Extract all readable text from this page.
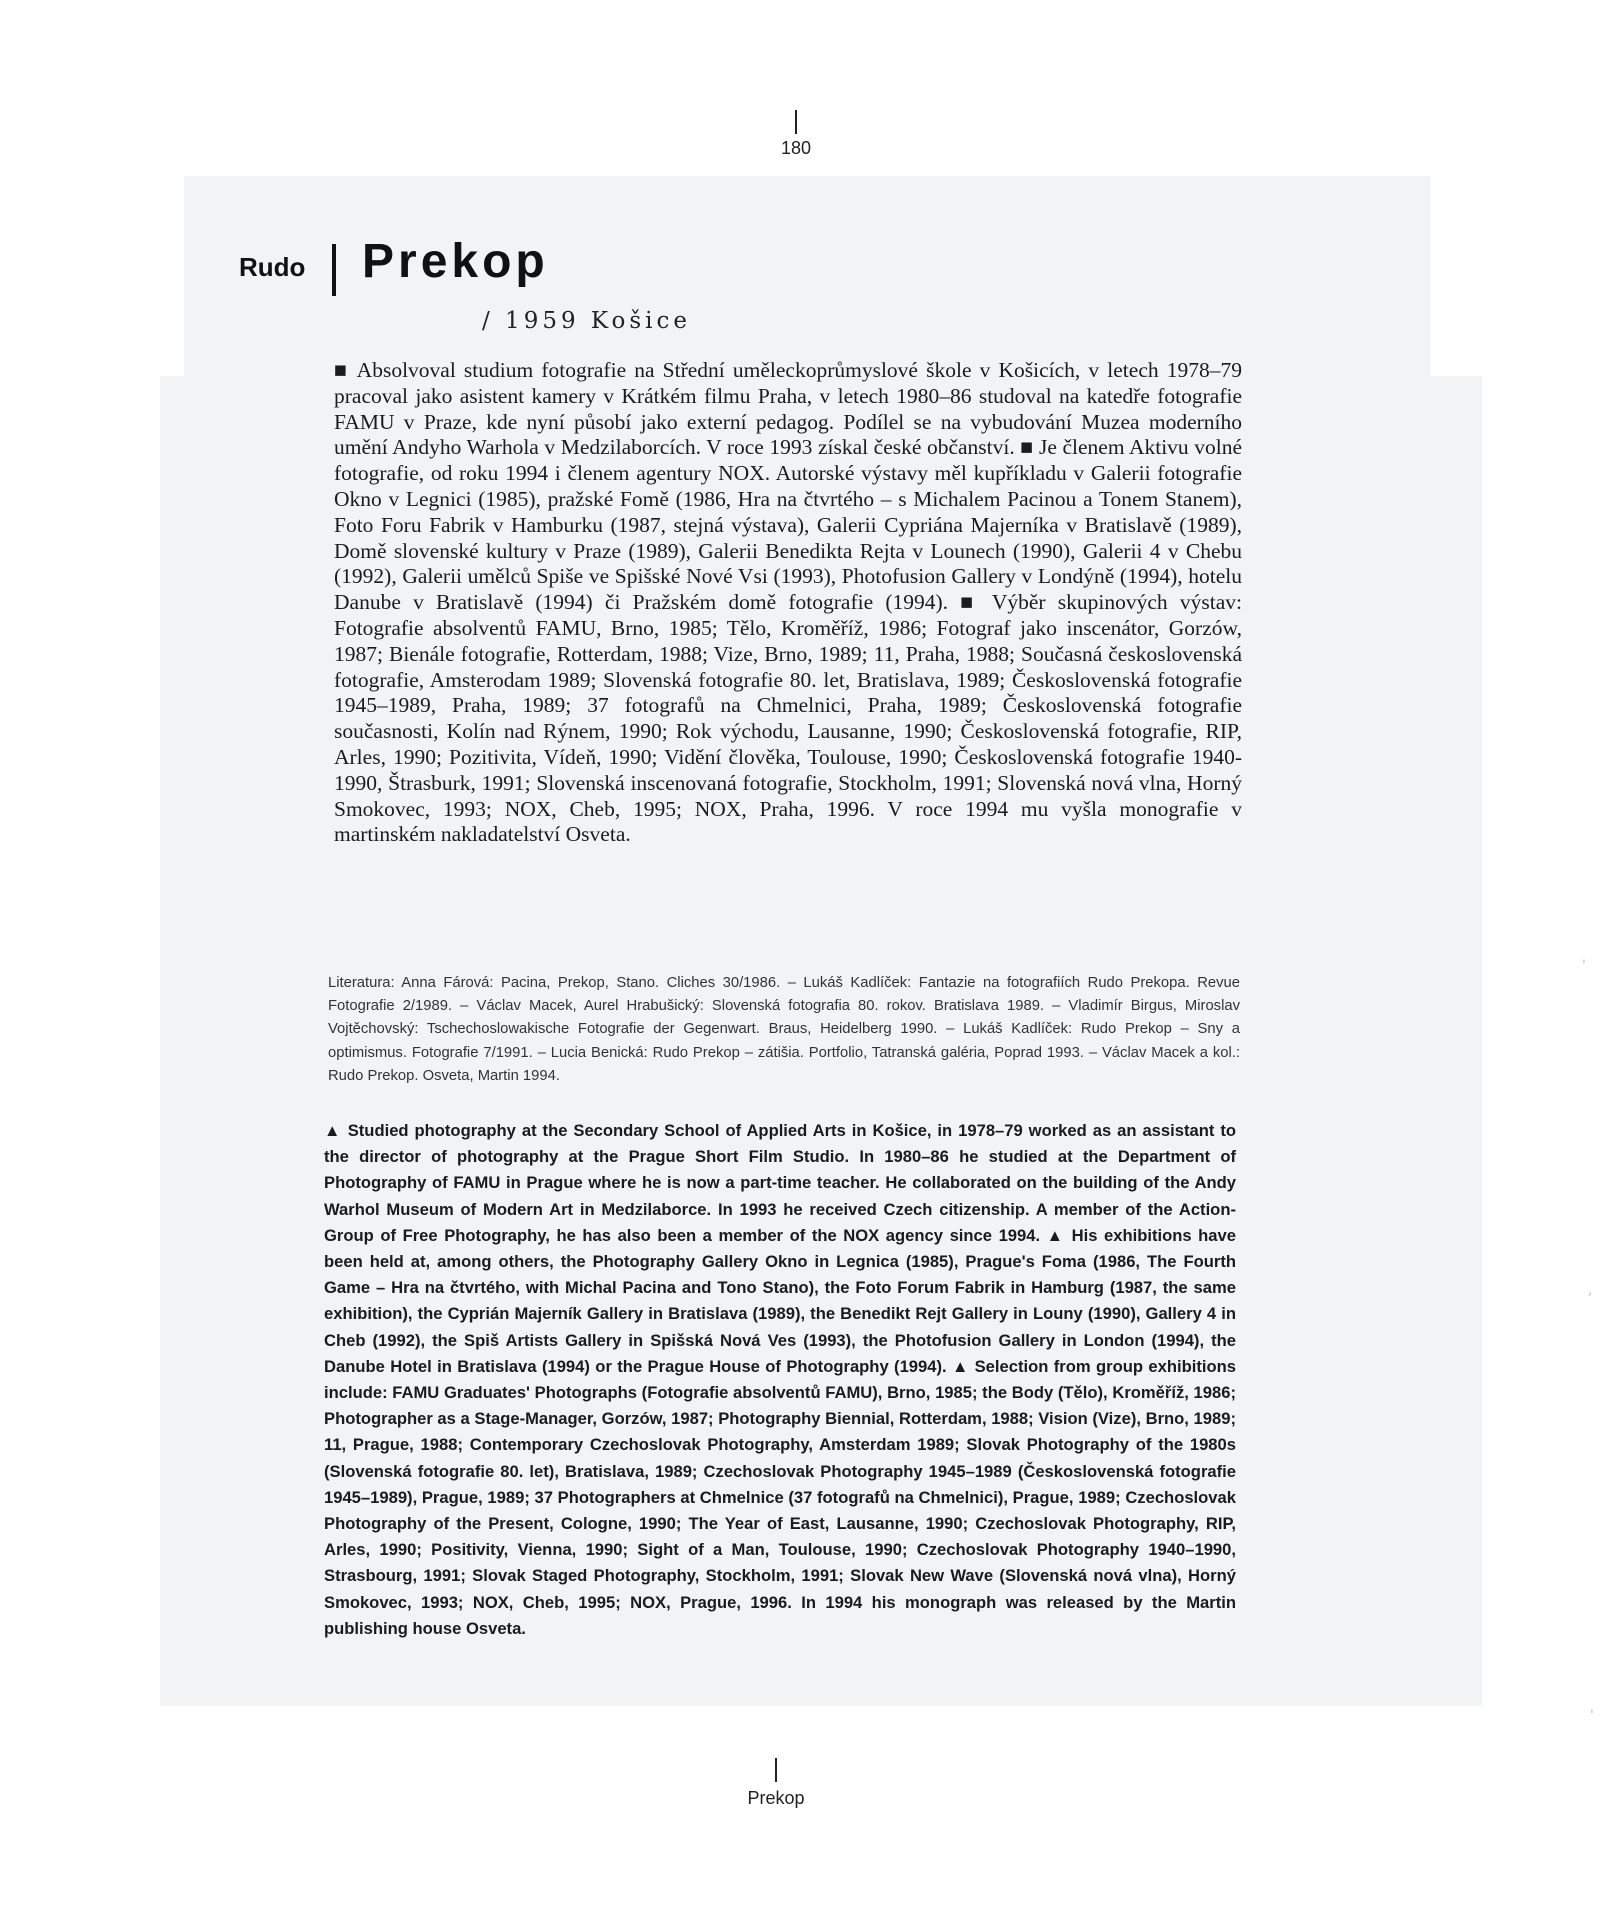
180
Rudo Prekop
/ 1959 Košice

■ Absolvoval studium fotografie na Střední uměleckoprůmyslové škole v Košicích, v letech 1978–79 pracoval jako asistent kamery v Krátkém filmu Praha, v letech 1980–86 studoval na katedře fotografie FAMU v Praze, kde nyní působí jako externí pedagog. Podílel se na vybudování Muzea moderního umění Andyho Warhola v Medzilaborcích. V roce 1993 získal české občanství. ■ Je členem Aktivu volné fotografie, od roku 1994 i členem agentury NOX. Autorské výstavy měl kupříkladu v Galerii fotografie Okno v Legnici (1985), pražské Fomě (1986, Hra na čtvrtého – s Michalem Pacinou a Tonem Stanem), Foto Foru Fabrik v Hamburku (1987, stejná výstava), Galerii Cypriána Majerníka v Bratislavě (1989), Domě slovenské kultury v Praze (1989), Galerii Benedikta Rejta v Lounech (1990), Galerii 4 v Chebu (1992), Galerii umělců Spiše ve Spišské Nové Vsi (1993), Photofusion Gallery v Londýně (1994), hotelu Danube v Bratislavě (1994) či Pražském domě fotografie (1994). ■ Výběr skupinových výstav: Fotografie absolventů FAMU, Brno, 1985; Tělo, Kroměříž, 1986; Fotograf jako inscenátor, Gorzów, 1987; Bienále fotografie, Rotterdam, 1988; Vize, Brno, 1989; 11, Praha, 1988; Současná československá fotografie, Amsterodam 1989; Slovenská fotografie 80. let, Bratislava, 1989; Československá fotografie 1945–1989, Praha, 1989; 37 fotografů na Chmelnici, Praha, 1989; Československá fotografie současnosti, Kolín nad Rýnem, 1990; Rok východu, Lausanne, 1990; Československá fotografie, RIP, Arles, 1990; Pozitivita, Vídeň, 1990; Vidění člověka, Toulouse, 1990; Československá fotografie 1940-1990, Štrasburk, 1991; Slovenská inscenovaná fotografie, Stockholm, 1991; Slovenská nová vlna, Horný Smokovec, 1993; NOX, Cheb, 1995; NOX, Praha, 1996. V roce 1994 mu vyšla monografie v martinském nakladatelství Osveta.

Literatura: Anna Fárová: Pacina, Prekop, Stano. Cliches 30/1986. – Lukáš Kadlíček: Fantazie na fotografiích Rudo Prekopa. Revue Fotografie 2/1989. – Václav Macek, Aurel Hrabušický: Slovenská fotografia 80. rokov. Bratislava 1989. – Vladimír Birgus, Miroslav Vojtěchovský: Tschechoslowakische Fotografie der Gegenwart. Braus, Heidelberg 1990. – Lukáš Kadlíček: Rudo Prekop – Sny a optimismus. Fotografie 7/1991. – Lucia Benická: Rudo Prekop – zátišia. Portfolio, Tatranská galéria, Poprad 1993. – Václav Macek a kol.: Rudo Prekop. Osveta, Martin 1994.

▲ Studied photography at the Secondary School of Applied Arts in Košice, in 1978–79 worked as an assistant to the director of photography at the Prague Short Film Studio. In 1980–86 he studied at the Department of Photography of FAMU in Prague where he is now a part-time teacher. He collaborated on the building of the Andy Warhol Museum of Modern Art in Medzilaborce. In 1993 he received Czech citizenship. A member of the Action-Group of Free Photography, he has also been a member of the NOX agency since 1994. ▲ His exhibitions have been held at, among others, the Photography Gallery Okno in Legnica (1985), Prague's Foma (1986, The Fourth Game – Hra na čtvrtého, with Michal Pacina and Tono Stano), the Foto Forum Fabrik in Hamburg (1987, the same exhibition), the Cyprián Majerník Gallery in Bratislava (1989), the Benedikt Rejt Gallery in Louny (1990), Gallery 4 in Cheb (1992), the Spiš Artists Gallery in Spišská Nová Ves (1993), the Photofusion Gallery in London (1994), the Danube Hotel in Bratislava (1994) or the Prague House of Photography (1994). ▲ Selection from group exhibitions include: FAMU Graduates' Photographs (Fotografie absolventů FAMU), Brno, 1985; the Body (Tělo), Kroměříž, 1986; Photographer as a Stage-Manager, Gorzów, 1987; Photography Biennial, Rotterdam, 1988; Vision (Vize), Brno, 1989; 11, Prague, 1988; Contemporary Czechoslovak Photography, Amsterdam 1989; Slovak Photography of the 1980s (Slovenská fotografie 80. let), Bratislava, 1989; Czechoslovak Photography 1945–1989 (Československá fotografie 1945–1989), Prague, 1989; 37 Photographers at Chmelnice (37 fotografů na Chmelnici), Prague, 1989; Czechoslovak Photography of the Present, Cologne, 1990; The Year of East, Lausanne, 1990; Czechoslovak Photography, RIP, Arles, 1990; Positivity, Vienna, 1990; Sight of a Man, Toulouse, 1990; Czechoslovak Photography 1940–1990, Strasbourg, 1991; Slovak Staged Photography, Stockholm, 1991; Slovak New Wave (Slovenská nová vlna), Horný Smokovec, 1993; NOX, Cheb, 1995; NOX, Prague, 1996. In 1994 his monograph was released by the Martin publishing house Osveta.

Prekop
'
,
'
